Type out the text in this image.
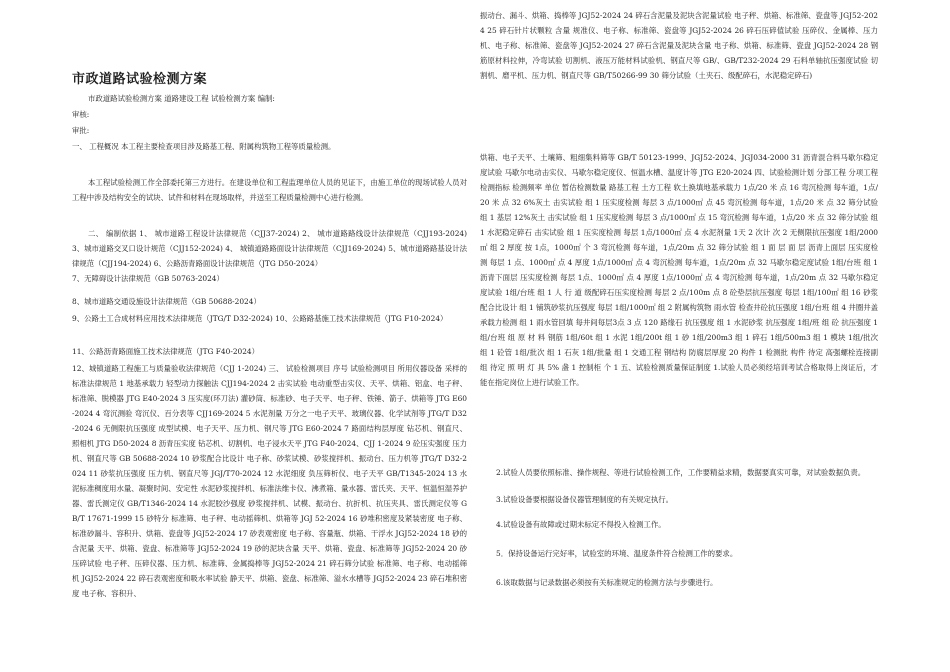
市政道路试验检测方案

市政道路试验检测方案 道路建设工程 试验检测方案 编制:

审核:

审批:

一、 工程概况 本工程主要检查项目涉及路基工程、附属构筑物工程等质量检测。

本工程试验检测工作全部委托第三方进行。在建设单位和工程监理单位人员的见证下，由施工单位的现场试验人员对工程中涉及结构安全的试块、试件和材料在现场取样，并送至工程质量检测中心进行检测。

二、 编制依据 1、 城市道路工程设计法律规范（CJJ37-2024) 2、 城市道路路线设计法律规范（CJJ193-2024) 3、城市道路交叉口设计规范（CJJ152-2024) 4、 城镇道路路面设计法律规范（CJJ169-2024) 5、城市道路路基设计法律规范（CJJ194-2024) 6、公路沥青路面设计法律规范（JTG D50-2024）

7、无障碍设计法律规范（GB 50763-2024）

8、城市道路交通设施设计法律规范（GB 50688-2024）

9、公路土工合成材料应用技术法律规范（JTG/T D32-2024) 10、公路路基施工技术法律规范（JTG F10-2024）

11、公路沥青路面施工技术法律规范（JTG F40-2024）

12、城镇道路工程施工与质量验收法律规范（CJJ 1-2024) 三、 试验检测项目 序号 试验检测项目 所用仪器设备 采样的标准法律规范 1 地基承载力 轻型动力探触法 CJJ194-2024 2 击实试验 电动重型击实仪、天平、烘箱、铝盒、电子秤、标准筛、脱模器 JTG E40-2024 3 压实度(环刀法) 灌砂筒、标准砂、电子天平、电子秤、铁锤、箭子、烘箱等 JTG E60-2024 4 弯沉测验 弯沉仪、百分表等 CJJ169-2024 5 水泥剂量 万分之一电子天平、玻璃仪器、化学试剂等 JTG/T D32-2024 6 无侧限抗压强度 成型试模、电子天平、压力机、钢尺等 JTG E60-2024 7 路面结构层厚度 钻芯机、钢直尺、照相机 JTG D50-2024 8 沥青压实度 钻芯机、切割机、电子浸水天平 JTG F40-2024、CJJ 1-2024 9 砼压实强度 压力机、钢直尺等 GB 50688-2024 10 砂浆配合比设计 电子称、砂浆试模、砂浆搅拌机、振动台、压力机等 JTG/T D32-2024 11 砂浆抗压强度 压力机、钢直尺等 JGJ/T70-2024 12 水泥细度 负压筛析仪、电子天平 GB/T1345-2024 13 水泥标准稠度用水量、凝聚时间、安定性 水泥砂浆搅拌机、标准法维卡仪、沸煮箱、量水器、雷氏夹、天平、恒温恒湿养护器、雷氏测定仪 GB/T1346-2024 14 水泥胶沙强度 砂浆搅拌机、试模、振动台、抗折机、抗压夹具、雷氏测定仪等 GB/T 17671-1999 15 砂特分 标准筛、电子秤、电动摇筛机、烘箱等 JGJ 52-2024 16 砂堆积密度及紧装密度 电子称、标准砂漏斗、容积升、烘箱、瓷盘等 JGJ52-2024 17 砂表观密度 电子称、容量瓶、烘箱、干浮水 JGJ52-2024 18 砂的含泥量 天平、烘箱、瓷盘、标准筛等 JGJ52-2024 19 砂的泥块含量 天平、烘箱、瓷盘、标准筛等 JGJ52-2024 20 砂压碎试验 电子秤、压碎仪器、压力机、标准筛、金属捣棒等 JGJ52-2024 21 碎石筛分试验 标准筛、电子称、电动摇筛机 JGJ52-2024 22 碎石表观密度和吸水率试验 静天平、烘箱、瓷盘、标准筛、溢水水槽等 JGJ52-2024 23 碎石堆积密度 电子称、容积升、

振动台、漏斗、烘箱、捣棒等 JGJ52-2024 24 碎石含泥量及泥块含泥量试验 电子秤、烘箱、标准筛、瓷盘等 JGJ52-2024 25 碎石针片状颗粒 含量 规准仪、电子称、标准筛、瓷盘等 JGJ52-2024 26 碎石压碎值试验 压碎仪、金属棒、压力机、电子称、标准筛、瓷盘等 JGJ52-2024 27 碎石含泥量及泥块含量 电子称、烘箱、标准筛、瓷盘 JGJ52-2024 28 钢筋原材料拉伸，冷弯试验 切割机、液压万能材料试验机、钢直尺等 GB/、GB/T232-2024 29 石料单轴抗压强度试验 切割机、磨平机、压力机、钢直尺等 GB/T50266-99 30 筛分试验（土夹石、级配碎石，水泥稳定碎石)

烘箱、电子天平、土壤筛、粗细集料筛等 GB/T 50123-1999、JGJ52-2024、JGJ034-2000 31 沥青混合料马歇尔稳定度试验 马歇尔电动击实仪、马歇尔稳定度仪、恒温水槽、温度计等 JTG E20-2024 四、试验检测计划 分部工程 分项工程 检测指标 检测频率 单位 暂估检测数量 路基工程 土方工程 软土换填地基承载力 1点/20 米 点 16 弯沉检测 每车道，1点/20 米 点 32 6%灰土 击实试验 组 1 压实度检测 每层 3 点/1000㎡ 点 45 弯沉检测 每车道，1点/20 米 点 32 筛分试验 组 1 基层 12%灰土 击实试验 组 1 压实度检测 每层 3 点/1000㎡ 点 15 弯沉检测 每车道，1点/20 米 点 32 筛分试验 组 1 水泥稳定碎石 击实试验 组 1 压实度检测 每层 1点/1000㎡ 点 4 水泥剂量 1天 2 次计 次 2 无侧限抗压强度 1组/2000㎡ 组 2 厚度 按 1点，1000㎡ 个 3 弯沉检测 每车道，1点/20m 点 32 筛分试验 组 1 面 层 面 层 沥青上面层 压实度检测 每层 1 点、1000㎡ 点 4 厚度 1点/1000㎡ 点 4 弯沉检测 每车道，1点/20m 点 32 马歇尔稳定度试验 1组/台班 组 1 沥青下面层 压实度检测 每层 1点、1000㎡ 点 4 厚度 1点/1000㎡ 点 4 弯沉检测 每车道，1点/20m 点 32 马歇尔稳定度试验 1组/台班 组 1 人 行 道 级配碎石压实度检测 每层 2 点/100m 点 8 砼垫层抗压强度 每层 1组/100㎡ 组 16 砂浆配合比设计 组 1 铺筑砂浆抗压强度 每层 1组/1000㎡ 组 2 附属构筑物 雨水管 检查井砼抗压强度 1组/台班 组 4 井圈井盖承载力检测 组 1 雨水管回填 每井间每层3点 3 点 120 路缘石 抗压强度 组 1 水泥砂浆 抗压强度 1组/班 组 砼 抗压强度 1组/台班 组 原 材 料 钢筋 1组/60t 组 1 水泥 1组/200t 组 1 砂 1组/200m3 组 1 碎石 1组/500m3 组 1 模块 1组/批次 组 1 砼管 1组/批次 组 1 石灰 1组/批量 组 1 交通工程 钢结构 防腐层厚度 20 构件 1 检测批 构件 待定 高强螺栓连接副 组 待定 照 明 灯 具 5% 盏 1 控制柜 个 1 五、试验检测质量保证制度 1.试验人员必须经培训考试合格取得上岗证后，才能在指定岗位上进行试验工作。

2.试验人员要依照标准、操作规程、等进行试验检测工作，工作要精益求精，数据要真实可靠，对试验数据负责。

3.试验设备要根据设备仪器管理制度的有关规定执行。

4.试验设备有故障或过期未标定不得投入检测工作。

5．保持设备运行完好率，试验室的环境、温度条件符合检测工作的要求。

6.该取数据与记录数据必须按有关标准规定的检测方法与步骤进行。
